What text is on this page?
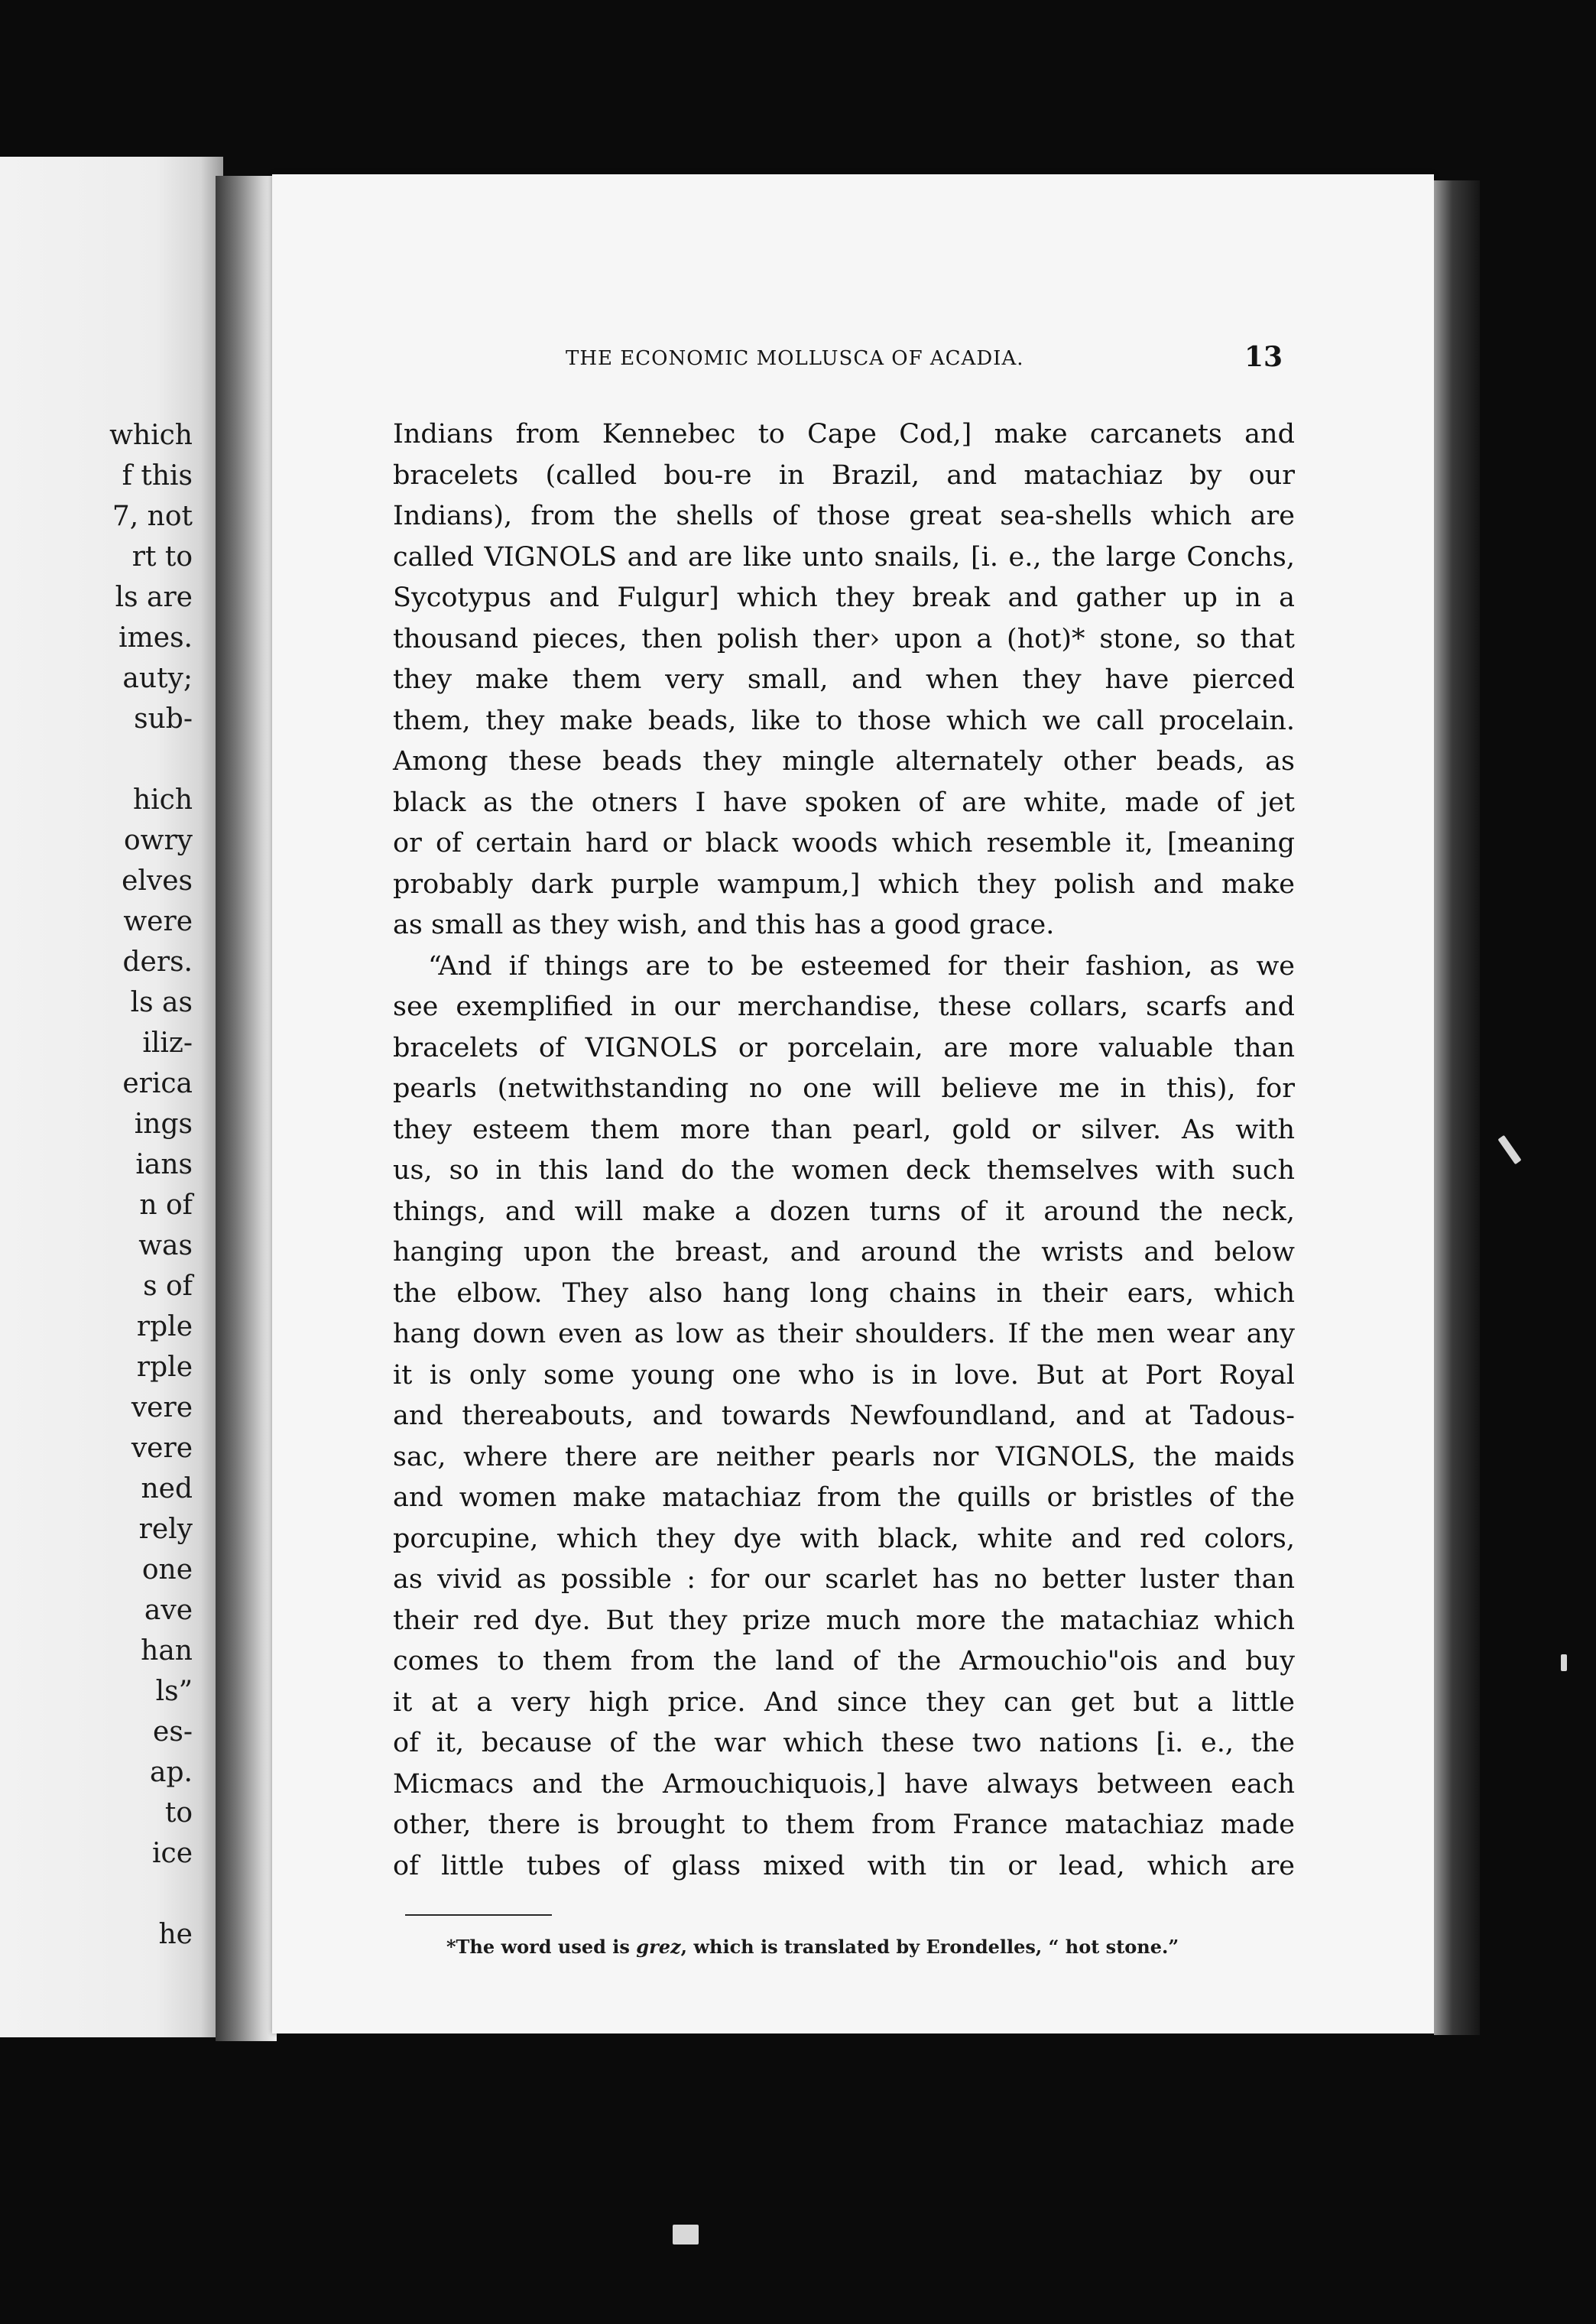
which
f this
7, not
rt to
ls are
imes.
auty;
sub-
hich
owry
elves
were
ders.
ls as
iliz-
erica
ings
ians
n of
was
s of
rple
rple
vere
vere
ned
rely
one
ave
han
ls”
es-
ap.
to
ice
he
THE ECONOMIC MOLLUSCA OF ACADIA.	13
Indians from Kennebec to Cape Cod,] make carcanets and
bracelets (called bou-re in Brazil, and matachiaz by our
Indians), from the shells of those great sea-shells which are
called VIGNOLS and are like unto snails, [i. e., the large Conchs,
Sycotypus and Fulgur] which they break and gather up in a
thousand pieces, then polish ther› upon a (hot)* stone, so that
they make them very small, and when they have pierced
them, they make beads, like to those which we call procelain.
Among these beads they mingle alternately other beads, as
black as the otners I have spoken of are white, made of jet
or of certain hard or black woods which resemble it, [meaning
probably dark purple wampum,] which they polish and make
as small as they wish, and this has a good grace.
“And if things are to be esteemed for their fashion, as we
see exemplified in our merchandise, these collars, scarfs and
bracelets of VIGNOLS or porcelain, are more valuable than
pearls (netwithstanding no one will believe me in this), for
they esteem them more than pearl, gold or silver. As with
us, so in this land do the women deck themselves with such
things, and will make a dozen turns of it around the neck,
hanging upon the breast, and around the wrists and below
the elbow. They also hang long chains in their ears, which
hang down even as low as their shoulders. If the men wear any
it is only some young one who is in love. But at Port Royal
and thereabouts, and towards Newfoundland, and at Tadous-
sac, where there are neither pearls nor VIGNOLS, the maids
and women make matachiaz from the quills or bristles of the
porcupine, which they dye with black, white and red colors,
as vivid as possible : for our scarlet has no better luster than
their red dye. But they prize much more the matachiaz which
comes to them from the land of the Armouchio"ois and buy
it at a very high price. And since they can get but a little
of it, because of the war which these two nations [i. e., the
Micmacs and the Armouchiquois,] have always between each
other, there is brought to them from France matachiaz made
of little tubes of glass mixed with tin or lead, which are
*The word used is grez, which is translated by Erondelles, “ hot stone.”
